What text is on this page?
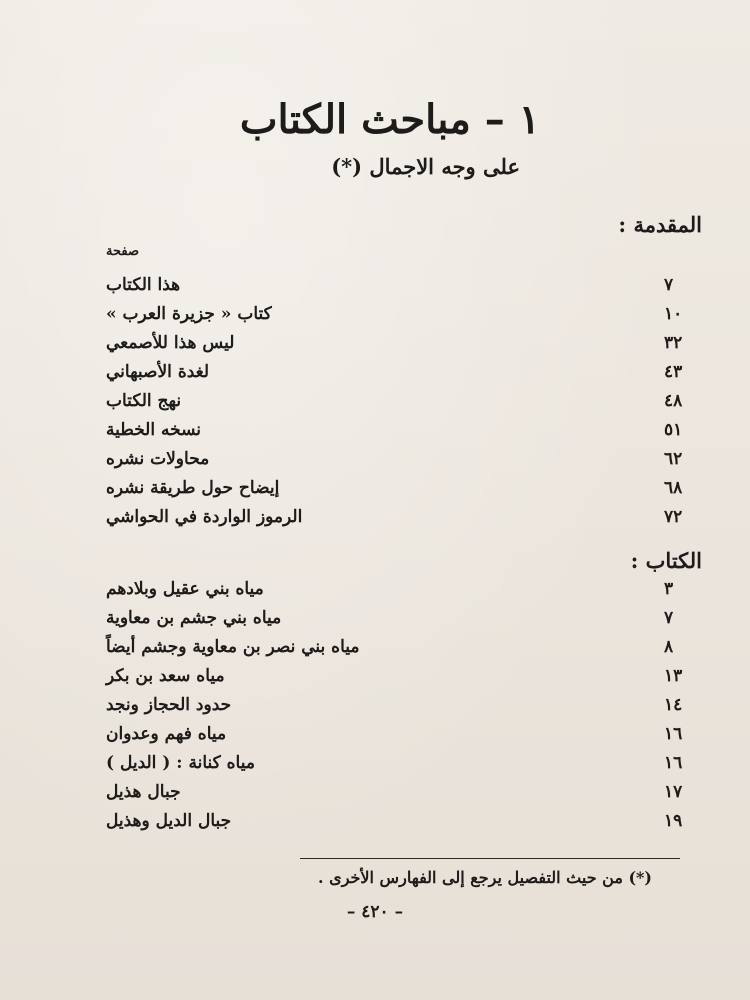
١ – مباحث الكتاب
على وجه الاجمال (*)
المقدمة :
صفحة
هذا الكتاب	٧
كتاب « جزيرة العرب »	١٠
ليس هذا للأصمعي	٣٢
لغدة الأصبهاني	٤٣
نهج الكتاب	٤٨
نسخه الخطية	٥١
محاولات نشره	٦٢
إيضاح حول طريقة نشره	٦٨
الرموز الواردة في الحواشي	٧٢
الكتاب :
مياه بني عقيل وبلادهم	٣
مياه بني جشم بن معاوية	٧
مياه بني نصر بن معاوية وجشم أيضاً	٨
مياه سعد بن بكر	١٣
حدود الحجاز ونجد	١٤
مياه فهم وعدوان	١٦
مياه كنانة : ( الديل )	١٦
جبال هذيل	١٧
جبال الديل وهذيل	١٩
(*) من حيث التفصيل يرجع إلى الفهارس الأخرى .
– ٤٢٠ –
